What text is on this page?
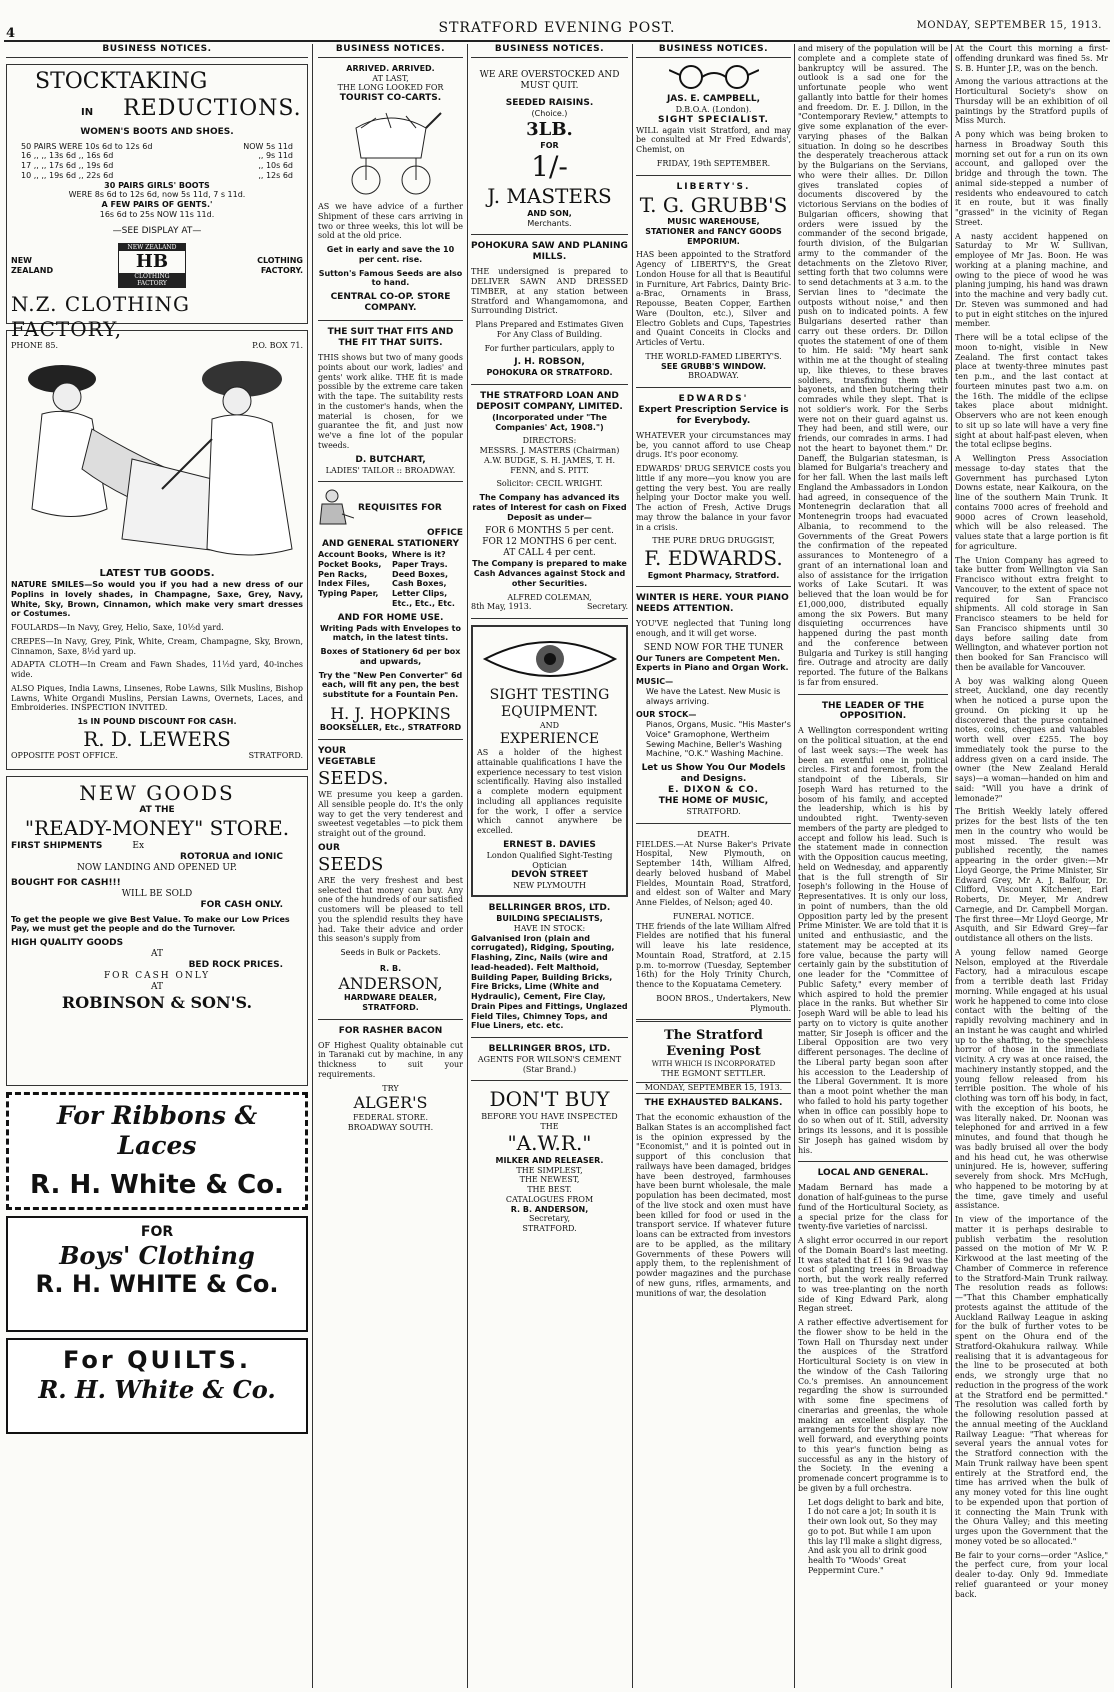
4	STRATFORD EVENING POST.	MONDAY, SEPTEMBER 15, 1913.
BUSINESS NOTICES.
STOCKTAKING
IN REDUCTIONS.
WOMEN'S BOOTS AND SHOES.
50 PAIRS WERE 10s 6d to 12s 6d	NOW 5s 11d
16 ,, ,, 13s 6d ,, 16s 6d	,, 9s 11d
17 ,, ,, 17s 6d ,, 19s 6d	,, 10s 6d
10 ,, ,, 19s 6d ,, 22s 6d	,, 12s 6d
30 PAIRS GIRLS' BOOTS
WERE 8s 6d to 12s 6d, now 5s 11d, 7 s 11d.
A FEW PAIRS OF GENTS.'
16s 6d to 25s NOW 11s 11d.
—SEE DISPLAY AT—
NEW ZEALAND
NEW ZEALAND
HB
CLOTHING FACTORY
CLOTHING FACTORY.
N.Z. CLOTHING FACTORY,
PHONE 85.	P.O. BOX 71.
LATEST TUB GOODS.

NATURE SMILES—So would you if you had a new dress of our Poplins in lovely shades, in Champagne, Saxe, Grey, Navy, White, Sky, Brown, Cinnamon, which make very smart dresses or Costumes.

FOULARDS—In Navy, Grey, Helio, Saxe, 10½d yard.

CREPES—In Navy, Grey, Pink, White, Cream, Champagne, Sky, Brown, Cinnamon, Saxe, 8½d yard up.

ADAPTA CLOTH—In Cream and Fawn Shades, 11½d yard, 40-inches wide.

ALSO Piques, India Lawns, Linsenes, Robe Lawns, Silk Muslins, Bishop Lawns, White Organdi Muslins, Persian Lawns, Overnets, Laces, and Embroideries. INSPECTION INVITED.

1s IN POUND DISCOUNT FOR CASH.
R. D. LEWERS
OPPOSITE POST OFFICE.	STRATFORD.
NEW GOODS
AT THE
"READY-MONEY" STORE.
FIRST SHIPMENTS	Ex
ROTORUA and IONIC
NOW LANDING AND OPENED UP.
BOUGHT FOR CASH!!!
WILL BE SOLD
FOR CASH ONLY.

To get the people we give Best Value. To make our Low Prices Pay, we must get the people and do the Turnover.

HIGH QUALITY GOODS
AT
BED ROCK PRICES.
FOR CASH ONLY
AT
ROBINSON & SON'S.
For Ribbons & Laces
R. H. White & Co.
FOR
Boys' Clothing
R. H. WHITE & Co.
For QUILTS.
R. H. White & Co.
BUSINESS NOTICES.
ARRIVED. ARRIVED.
AT LAST,
THE LONG LOOKED FOR
TOURIST CO-CARTS.

AS we have advice of a further Shipment of these cars arriving in two or three weeks, this lot will be sold at the old price.

Get in early and save the 10 per cent. rise.

Sutton's Famous Seeds are also to hand.

CENTRAL CO-OP. STORE COMPANY.
THE SUIT THAT FITS AND THE FIT THAT SUITS.

THIS shows but two of many goods points about our work, ladies' and gents' work alike. THE fit is made possible by the extreme care taken with the tape. The suitability rests in the customer's hands, when the material is chosen, for we guarantee the fit, and just now we've a fine lot of the popular tweeds.

D. BUTCHART,
LADIES' TAILOR :: BROADWAY.
REQUISITES FOR
OFFICE
AND GENERAL STATIONERY
Account Books, Pocket Books, Pen Racks, Index Files, Typing Paper,
Where is it? Paper Trays. Deed Boxes, Cash Boxes, Letter Clips, Etc., Etc., Etc.
AND FOR HOME USE.

Writing Pads with Envelopes to match, in the latest tints.

Boxes of Stationery 6d per box and upwards,

Try the "New Pen Converter" 6d each, will fit any pen, the best substitute for a Fountain Pen.

H. J. HOPKINS
BOOKSELLER, Etc., STRATFORD
YOUR
VEGETABLE
SEEDS.

WE presume you keep a garden. All sensible people do. It's the only way to get the very tenderest and sweetest vegetables —to pick them straight out of the ground.

OUR
SEEDS

ARE the very freshest and best selected that money can buy. Any one of the hundreds of our satisfied customers will be pleased to tell you the splendid results they have had. Take their advice and order this season's supply from

Seeds in Bulk or Packets.
R. B.
ANDERSON,
HARDWARE DEALER,
STRATFORD.
FOR RASHER BACON

OF Highest Quality obtainable cut in Taranaki cut by machine, in any thickness to suit your requirements.

TRY
ALGER'S
FEDERAL STORE.
BROADWAY SOUTH.
BUSINESS NOTICES.
WE ARE OVERSTOCKED AND MUST QUIT.
SEEDED RAISINS.
(Choice.)
3LB.
FOR
1/-
J. MASTERS
AND SON,
Merchants.
POHOKURA SAW AND PLANING MILLS.

THE undersigned is prepared to DELIVER SAWN AND DRESSED TIMBER, at any station between Stratford and Whangamomona, and Surrounding District.

Plans Prepared and Estimates Given For Any Class of Building.

For further particulars, apply to

J. H. ROBSON,
POHOKURA OR STRATFORD.
THE STRATFORD LOAN AND DEPOSIT COMPANY, LIMITED.
(Incorporated under "The Companies' Act, 1908.")
DIRECTORS:

MESSRS. J. MASTERS (Chairman) A.W. BUDGE, S. H. JAMES, T. H. FENN, and S. PITT.

Solicitor: CECIL WRIGHT.

The Company has advanced its rates of Interest for cash on Fixed Deposit as under—

FOR 6 MONTHS 5 per cent.
FOR 12 MONTHS 6 per cent.
AT CALL 4 per cent.

The Company is prepared to make Cash Advances against Stock and other Securities.

ALFRED COLEMAN,
8th May, 1913.	Secretary.
SIGHT TESTING
EQUIPMENT.
AND
EXPERIENCE

AS a holder of the highest attainable qualifications I have the experience necessary to test vision scientifically. Having also installed a complete modern equipment including all appliances requisite for the work, I offer a service which cannot anywhere be excelled.

ERNEST B. DAVIES
London Qualified Sight-Testing Optician
DEVON STREET
NEW PLYMOUTH
BELLRINGER BROS, LTD.
BUILDING SPECIALISTS,
HAVE IN STOCK:

Galvanised Iron (plain and corrugated), Ridging, Spouting, Flashing, Zinc, Nails (wire and lead-headed). Felt Malthoid, Building Paper, Building Bricks, Fire Bricks, Lime (White and Hydraulic), Cement, Fire Clay, Drain Pipes and Fittings, Unglazed Field Tiles, Chimney Tops, and Flue Liners, etc. etc.

BELLRINGER BROS, LTD.
AGENTS FOR WILSON'S CEMENT (Star Brand.)
DON'T BUY
BEFORE YOU HAVE INSPECTED THE
"A.W.R."
MILKER AND RELEASER.
THE SIMPLEST,
THE NEWEST,
THE BEST.
CATALOGUES FROM
R. B. ANDERSON,
Secretary,
STRATFORD.
BUSINESS NOTICES.
JAS. E. CAMPBELL,
D.B.O.A. (London).
SIGHT SPECIALIST.

WILL again visit Stratford, and may be consulted at Mr Fred Edwards', Chemist, on

FRIDAY, 19th SEPTEMBER.
LIBERTY'S.
T. G. GRUBB'S
MUSIC WAREHOUSE,
STATIONER and FANCY GOODS EMPORIUM.

HAS been appointed to the Stratford Agency of LIBERTY'S, the Great London House for all that is Beautiful in Furniture, Art Fabrics, Dainty Bric-a-Brac, Ornaments in Brass, Repousse, Beaten Copper, Earthen Ware (Doulton, etc.), Silver and Electro Goblets and Cups, Tapestries and Quaint Conceits in Clocks and Articles of Vertu.

THE WORLD-FAMED LIBERTY'S.
SEE GRUBB'S WINDOW.
BROADWAY.
EDWARDS'
Expert Prescription Service is for Everybody.

WHATEVER your circumstances may be, you cannot afford to use Cheap drugs. It's poor economy.

EDWARDS' DRUG SERVICE costs you little if any more—you know you are getting the very best. You are really helping your Doctor make you well. The action of Fresh, Active Drugs may throw the balance in your favor in a crisis.

THE PURE DRUG DRUGGIST,
F. EDWARDS.
Egmont Pharmacy, Stratford.
WINTER IS HERE. YOUR PIANO NEEDS ATTENTION.

YOU'VE neglected that Tuning long enough, and it will get worse.

SEND NOW FOR THE TUNER

Our Tuners are Competent Men. Experts in Piano and Organ Work.

MUSIC—

We have the Latest. New Music is always arriving.

OUR STOCK—

Pianos, Organs, Music. "His Master's Voice" Gramophone, Wertheim Sewing Machine, Beller's Washing Machine, "O.K." Washing Machine.

Let us Show You Our Models and Designs.
E. DIXON & CO.
THE HOME OF MUSIC,
STRATFORD.
DEATH.

FIELDES.—At Nurse Baker's Private Hospital, New Plymouth, on September 14th, William Alfred, dearly beloved husband of Mabel Fieldes, Mountain Road, Stratford, and eldest son of Walter and Mary Anne Fieldes, of Nelson; aged 40.

FUNERAL NOTICE.

THE friends of the late William Alfred Fieldes are notified that his funeral will leave his late residence, Mountain Road, Stratford, at 2.15 p.m. to-morrow (Tuesday, September 16th) for the Holy Trinity Church, thence to the Kopuatama Cemetery.

BOON BROS., Undertakers, New Plymouth.

The Stratford Evening Post
WITH WHICH IS INCORPORATED
THE EGMONT SETTLER.
MONDAY, SEPTEMBER 15, 1913.
THE EXHAUSTED BALKANS.

That the economic exhaustion of the Balkan States is an accomplished fact is the opinion expressed by the "Economist," and it is pointed out in support of this conclusion that railways have been damaged, bridges have been destroyed, farmhouses have been burnt wholesale, the male population has been decimated, most of the live stock and oxen must have been killed for food or used in the transport service. If whatever future loans can be extracted from investors are to be applied, as the military Governments of these Powers will apply them, to the replenishment of powder magazines and the purchase of new guns, rifles, armaments, and munitions of war, the desolation

and misery of the population will be complete and a complete state of bankruptcy will be assured. The outlook is a sad one for the unfortunate people who went gallantly into battle for their homes and freedom. Dr. E. J. Dillon, in the "Contemporary Review," attempts to give some explanation of the ever-varying phases of the Balkan situation. In doing so he describes the desperately treacherous attack by the Bulgarians on the Servians, who were their allies. Dr. Dillon gives translated copies of documents discovered by the victorious Servians on the bodies of Bulgarian officers, showing that orders were issued by the commander of the second brigade, fourth division, of the Bulgarian army to the commander of the detachments on the Zletovo River, setting forth that two columns were to send detachments at 3 a.m. to the Servian lines to "decimate the outposts without noise," and then push on to indicated points. A few Bulgarians deserted rather than carry out these orders. Dr. Dillon quotes the statement of one of them to him. He said: "My heart sank within me at the thought of stealing up, like thieves, to these braves soldiers, transfixing them with bayonets, and then butchering their comrades while they slept. That is not soldier's work. For the Serbs were not on their guard against us. They had been, and still were, our friends, our comrades in arms. I had not the heart to bayonet them." Dr. Daneff, the Bulgarian statesman, is blamed for Bulgaria's treachery and for her fall. When the last mails left England the Ambassadors in London had agreed, in consequence of the Montenegrin declaration that all Montenegrin troops had evacuated Albania, to recommend to the Governments of the Great Powers the confirmation of the repeated assurances to Montenegro of a grant of an international loan and also of assistance for the irrigation works of Lake Scutari. It was believed that the loan would be for £1,000,000, distributed equally among the six Powers. But many disquieting occurrences have happened during the past month and the conference between Bulgaria and Turkey is still hanging fire. Outrage and atrocity are daily reported. The future of the Balkans is far from ensured.

THE LEADER OF THE OPPOSITION.

A Wellington correspondent writing on the political situation, at the end of last week says:—The week has been an eventful one in political circles. First and foremost, from the standpoint of the Liberals, Sir Joseph Ward has returned to the bosom of his family, and accepted the leadership, which is his by undoubted right. Twenty-seven members of the party are pledged to accept and follow his lead. Such is the statement made in connection with the Opposition caucus meeting, held on Wednesday, and apparently that is the full strength of Sir Joseph's following in the House of Representatives. It is only our loss, in point of numbers, than the old Opposition party led by the present Prime Minister. We are told that it is united and enthusiastic, and the statement may be accepted at its fore value, because the party will certainly gain by the substitution of one leader for the "Committee of Public Safety," every member of which aspired to hold the premier place in the ranks. But whether Sir Joseph Ward will be able to lead his party on to victory is quite another matter, Sir Joseph is officer and the Liberal Opposition are two very different personages. The decline of the Liberal party began soon after his accession to the Leadership of the Liberal Government. It is more than a moot point whether the man who failed to hold his party together when in office can possibly hope to do so when out of it. Still, adversity brings its lessons, and it is possible Sir Joseph has gained wisdom by his.

LOCAL AND GENERAL.

Madam Bernard has made a donation of half-guineas to the purse fund of the Horticultural Society, as a special prize for the class for twenty-five varieties of narcissi.

A slight error occurred in our report of the Domain Board's last meeting. It was stated that £1 16s 9d was the cost of planting trees in Broadway north, but the work really referred to was tree-planting on the north side of King Edward Park, along Regan street.

A rather effective advertisement for the flower show to be held in the Town Hall on Thursday next under the auspices of the Stratford Horticultural Society is on view in the window of the Cash Tailoring Co.'s premises. An announcement regarding the show is surrounded with some fine specimens of cinerarias and greenlas, the whole making an excellent display. The arrangements for the show are now well forward, and everything points to this year's function being as successful as any in the history of the Society. In the evening a promenade concert programme is to be given by a full orchestra.

Let dogs delight to bark and bite, I do not care a jot; In south it is their own look out, So they may go to pot. But while I am upon this lay I'll make a slight digress, And ask you all to drink good health To "Woods' Great Peppermint Cure."

At the Court this morning a first-offending drunkard was fined 5s. Mr S. B. Hunter J.P., was on the bench.

Among the various attractions at the Horticultural Society's show on Thursday will be an exhibition of oil paintings by the Stratford pupils of Miss Murch.

A pony which was being broken to harness in Broadway South this morning set out for a run on its own account, and galloped over the bridge and through the town. The animal side-stepped a number of residents who endeavoured to catch it en route, but it was finally "grassed" in the vicinity of Regan Street.

A nasty accident happened on Saturday to Mr W. Sullivan, employee of Mr Jas. Boon. He was working at a planing machine, and owing to the piece of wood he was planing jumping, his hand was drawn into the machine and very badly cut. Dr. Steven was summoned and had to put in eight stitches on the injured member.

There will be a total eclipse of the moon to-night, visible in New Zealand. The first contact takes place at twenty-three minutes past ten p.m., and the last contact at fourteen minutes past two a.m. on the 16th. The middle of the eclipse takes place about midnight. Observers who are not keen enough to sit up so late will have a very fine sight at about half-past eleven, when the total eclipse begins.

A Wellington Press Association message to-day states that the Government has purchased Lyton Downs estate, near Kaikoura, on the line of the southern Main Trunk. It contains 7000 acres of freehold and 9000 acres of Crown leasehold, which will be also released. The values state that a large portion is fit for agriculture.

The Union Company has agreed to take butter from Wellington via San Francisco without extra freight to Vancouver, to the extent of space not required for San Francisco shipments. All cold storage in San Francisco steamers to be held for San Francisco shipments until 30 days before sailing date from Wellington, and whatever portion not then booked for San Francisco will then be available for Vancouver.

A boy was walking along Queen street, Auckland, one day recently when he noticed a purse upon the ground. On picking it up he discovered that the purse contained notes, coins, cheques and valuables worth well over £255. The boy immediately took the purse to the address given on a card inside. The owner (the New Zealand Herald says)—a woman—handed on him and said: "Will you have a drink of lemonade?"

The British Weekly lately offered prizes for the best lists of the ten men in the country who would be most missed. The result was published recently, the names appearing in the order given:—Mr Lloyd George, the Prime Minister, Sir Edward Grey, Mr A. J. Balfour, Dr. Clifford, Viscount Kitchener, Earl Roberts, Dr. Meyer, Mr Andrew Carnegie, and Dr. Campbell Morgan. The first three—Mr Lloyd George, Mr Asquith, and Sir Edward Grey—far outdistance all others on the lists.

A young fellow named George Nelson, employed at the Riverdale Factory, had a miraculous escape from a terrible death last Friday morning. While engaged at his usual work he happened to come into close contact with the belting of the rapidly revolving machinery and in an instant he was caught and whirled up to the shafting, to the speechless horror of those in the immediate vicinity. A cry was at once raised, the machinery instantly stopped, and the young fellow released from his terrible position. The whole of his clothing was torn off his body, in fact, with the exception of his boots, he was literally naked. Dr. Noonan was telephoned for and arrived in a few minutes, and found that though he was badly bruised all over the body and his head cut, he was otherwise uninjured. He is, however, suffering severely from shock. Mrs McHugh, who happened to be motoring by at the time, gave timely and useful assistance.

In view of the importance of the matter it is perhaps desirable to publish verbatim the resolution passed on the motion of Mr W. P. Kirkwood at the last meeting of the Chamber of Commerce in reference to the Stratford-Main Trunk railway. The resolution reads as follows:—"That this Chamber emphatically protests against the attitude of the Auckland Railway League in asking for the bulk of further votes to be spent on the Ohura end of the Stratford-Okahukura railway. While realising that it is advantageous for the line to be prosecuted at both ends, we strongly urge that no reduction in the progress of the work at the Stratford end be permitted." The resolution was called forth by the following resolution passed at the annual meeting of the Auckland Railway League: "That whereas for several years the annual votes for the Stratford connection with the Main Trunk railway have been spent entirely at the Stratford end, the time has arrived when the bulk of any money voted for this line ought to be expended upon that portion of it connecting the Main Trunk with the Ohura Valley; and this meeting urges upon the Government that the money voted be so allocated."

Be fair to your corns—order "Aslice," the perfect cure, from your local dealer to-day. Only 9d. Immediate relief guaranteed or your money back.
